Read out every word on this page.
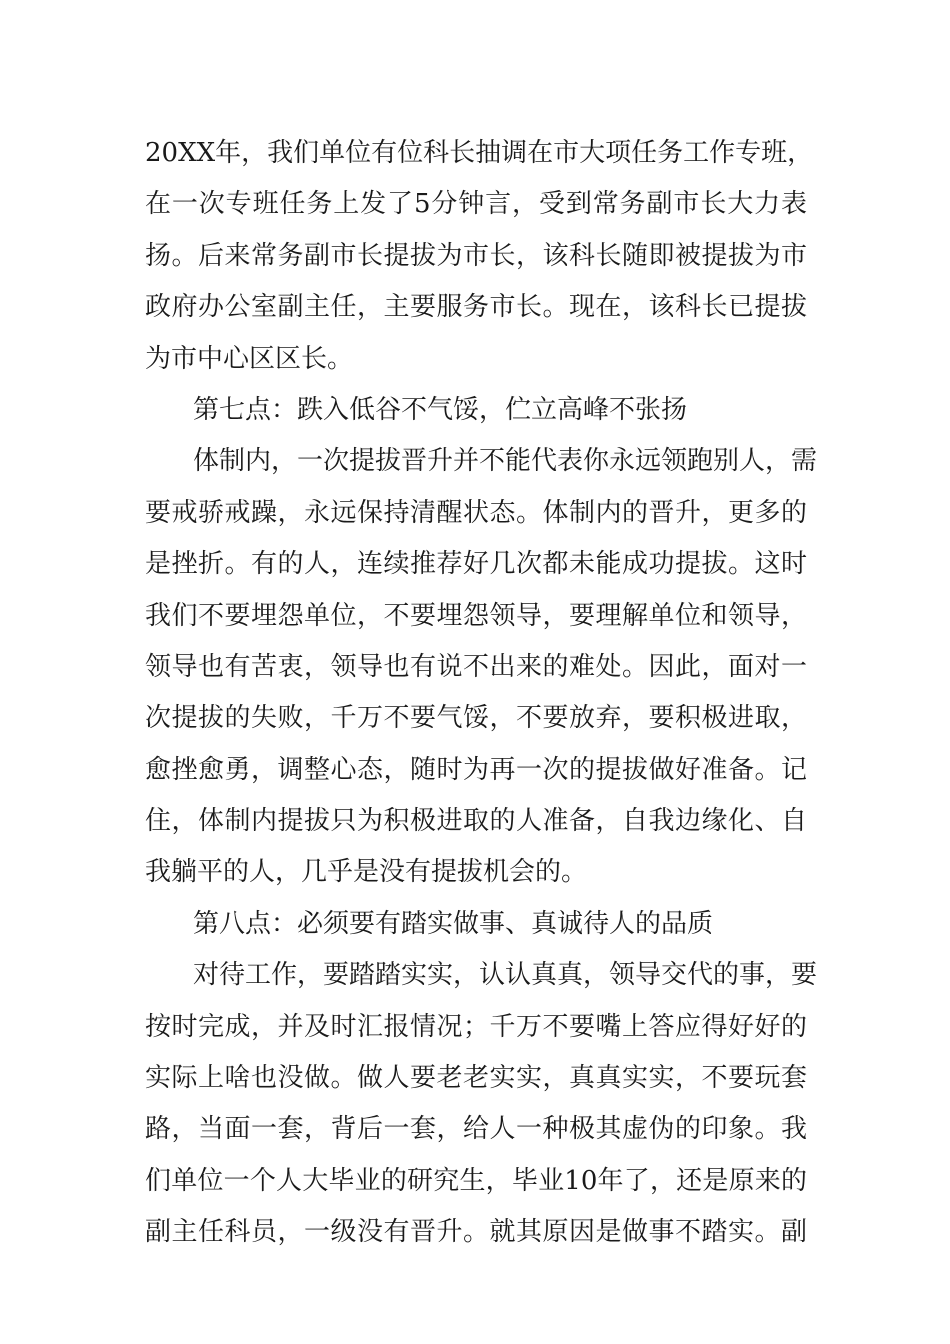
20XX年，我们单位有位科长抽调在市大项任务工作专班，
在一次专班任务上发了5分钟言，受到常务副市长大力表
扬。后来常务副市长提拔为市长，该科长随即被提拔为市
政府办公室副主任，主要服务市长。现在，该科长已提拔
为市中心区区长。
第七点：跌入低谷不气馁，伫立高峰不张扬
体制内，一次提拔晋升并不能代表你永远领跑别人，需
要戒骄戒躁，永远保持清醒状态。体制内的晋升，更多的
是挫折。有的人，连续推荐好几次都未能成功提拔。这时
我们不要埋怨单位，不要埋怨领导，要理解单位和领导，
领导也有苦衷，领导也有说不出来的难处。因此，面对一
次提拔的失败，千万不要气馁，不要放弃，要积极进取，
愈挫愈勇，调整心态，随时为再一次的提拔做好准备。记
住，体制内提拔只为积极进取的人准备，自我边缘化、自
我躺平的人，几乎是没有提拔机会的。
第八点：必须要有踏实做事、真诚待人的品质
对待工作，要踏踏实实，认认真真，领导交代的事，要
按时完成，并及时汇报情况；千万不要嘴上答应得好好的
实际上啥也没做。做人要老老实实，真真实实，不要玩套
路，当面一套，背后一套，给人一种极其虚伪的印象。我
们单位一个人大毕业的研究生，毕业10年了，还是原来的
副主任科员，一级没有晋升。就其原因是做事不踏实。副
